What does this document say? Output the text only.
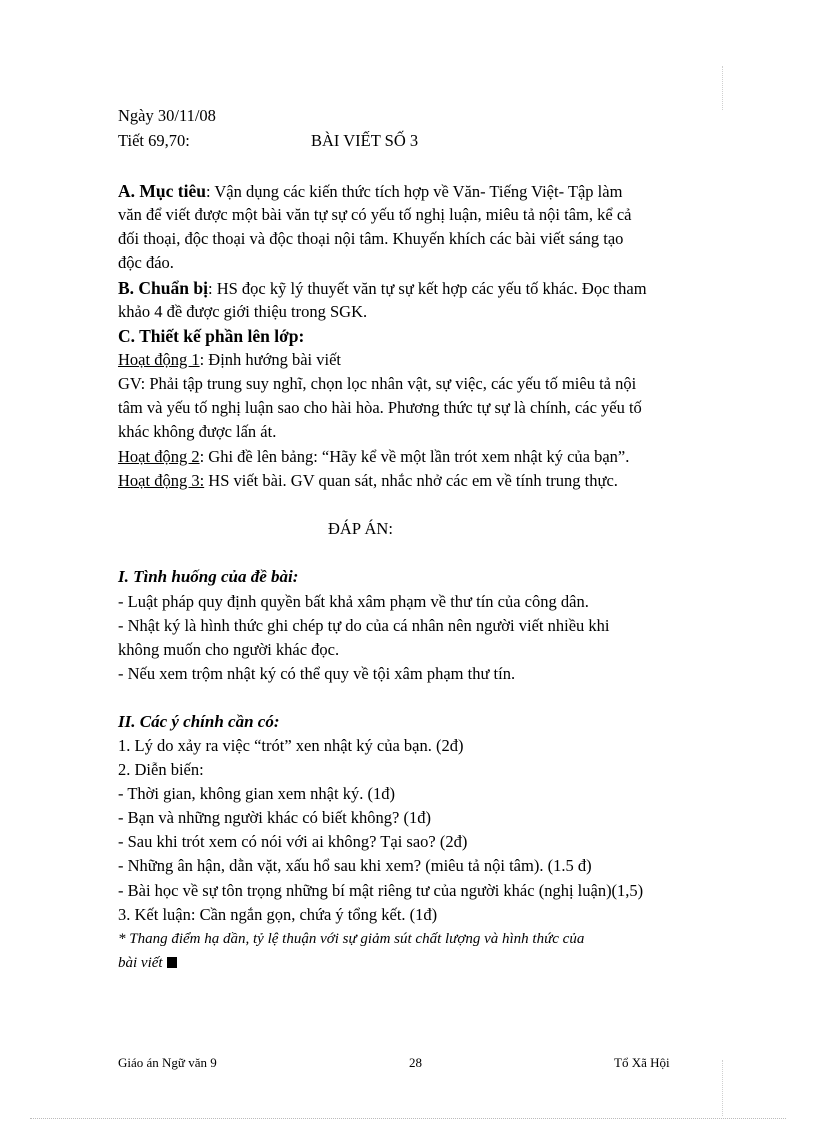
Ngày 30/11/08
Tiết 69,70:	BÀI VIẾT SỐ 3
A. Mục tiêu: Vận dụng các kiến thức tích hợp về Văn- Tiếng Việt- Tập làm
văn để viết được một bài văn tự sự có yếu tố nghị luận, miêu tả nội tâm, kể cả
đối thoại, độc thoại và độc thoại nội tâm. Khuyến khích các bài viết sáng tạo
độc đáo.
B. Chuẩn bị: HS đọc kỹ lý thuyết văn tự sự kết hợp các yếu tố khác. Đọc tham
khảo 4 đề được giới thiệu trong SGK.
C. Thiết kế phần lên lớp:
Hoạt động 1: Định hướng bài viết
GV: Phải tập trung suy nghĩ, chọn lọc nhân vật, sự việc, các yếu tố miêu tả nội
tâm và yếu tố nghị luận sao cho hài hòa. Phương thức tự sự là chính, các yếu tố
khác không được lấn át.
Hoạt động 2: Ghi đề lên bảng: “Hãy kể về một lần trót xem nhật ký của bạn”.
Hoạt động 3: HS viết bài. GV quan sát, nhắc nhở các em về tính trung thực.
ĐÁP ÁN:
I. Tình huống của đề bài:
- Luật pháp quy định quyền bất khả xâm phạm về thư tín của công dân.
- Nhật ký là hình thức ghi chép tự do của cá nhân nên người viết nhiều khi
không muốn cho người khác đọc.
- Nếu xem trộm nhật ký có thể quy về tội xâm phạm thư tín.
II. Các ý chính cần có:
1. Lý do xảy ra việc “trót” xen nhật ký của bạn. (2đ)
2. Diễn biến:
- Thời gian, không gian xem nhật ký. (1đ)
- Bạn và những người khác có biết không? (1đ)
- Sau khi trót xem có nói với ai không? Tại sao? (2đ)
- Những ân hận, dằn vặt, xấu hổ sau khi xem? (miêu tả nội tâm). (1.5 đ)
- Bài học về sự tôn trọng những bí mật riêng tư của người khác (nghị luận)(1,5)
3. Kết luận: Cần ngắn gọn, chứa ý tổng kết. (1đ)
* Thang điểm hạ dần, tỷ lệ thuận với sự giảm sút chất lượng và hình thức của
bài viết
Giáo án Ngữ văn 9	28	Tổ Xã Hội
